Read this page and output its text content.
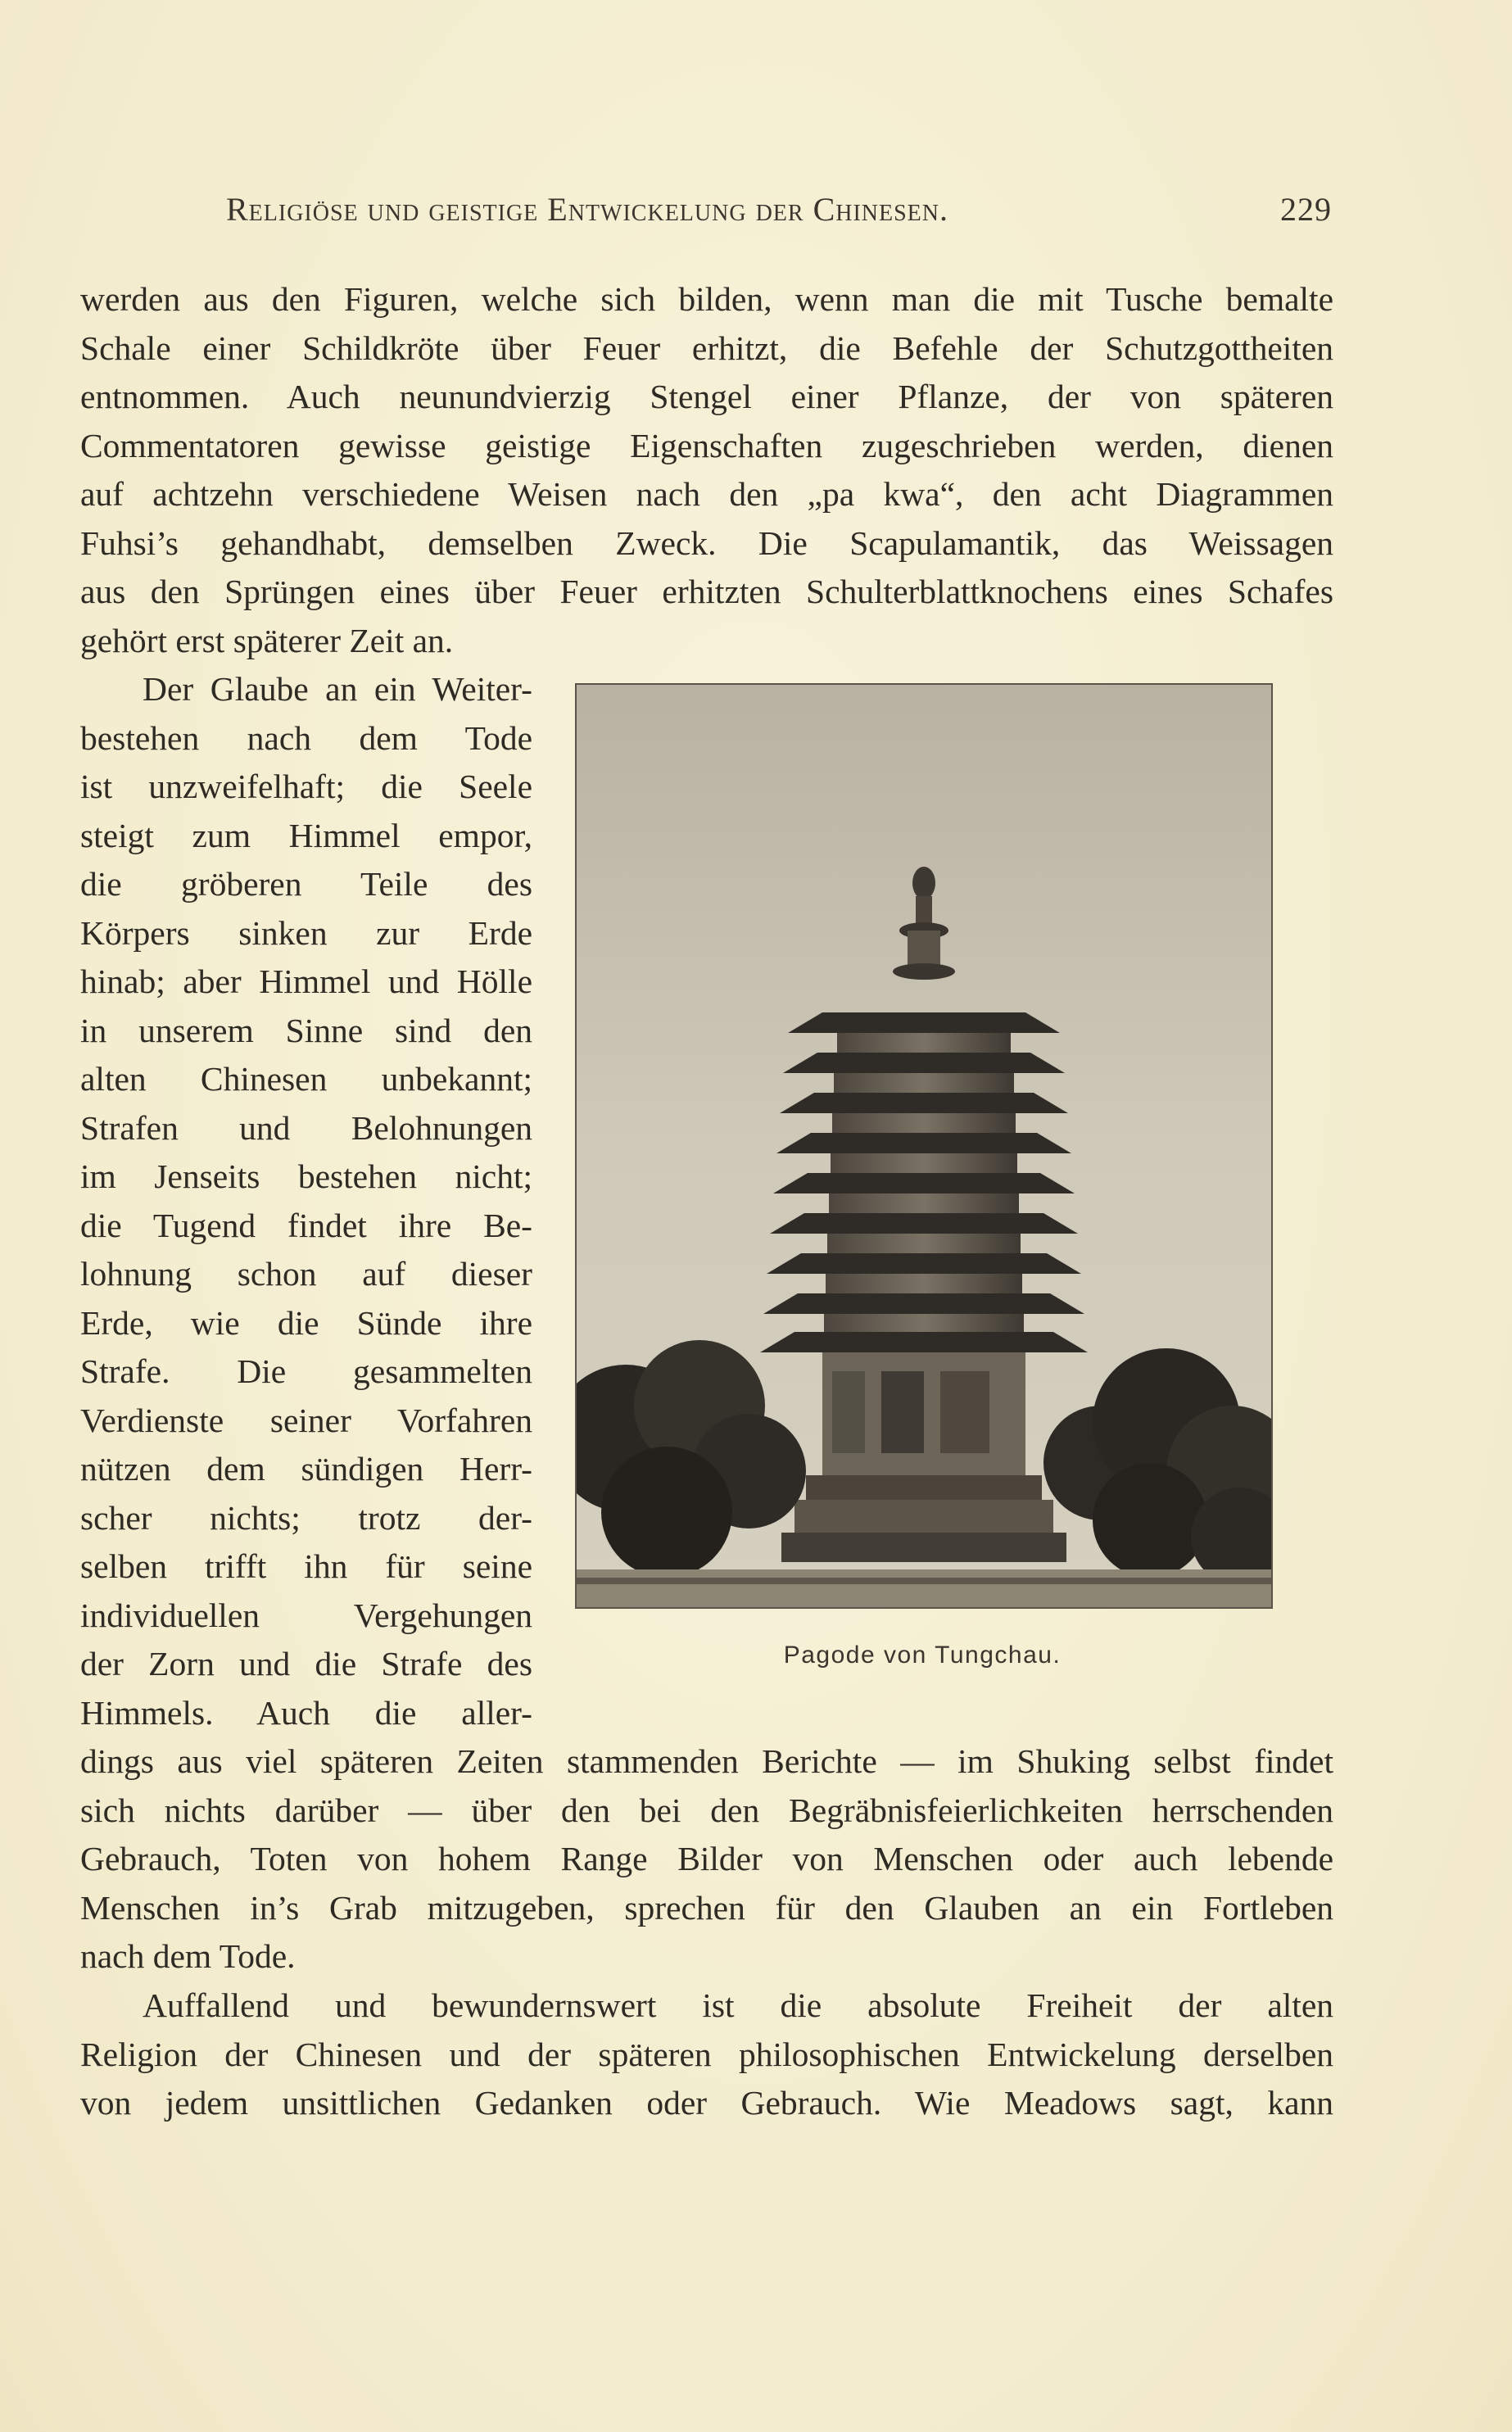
Religiöse und geistige Entwickelung der Chinesen.	229
werden aus den Figuren, welche sich bilden, wenn man die mit Tusche bemalte
Schale einer Schildkröte über Feuer erhitzt, die Befehle der Schutzgottheiten
entnommen. Auch neunundvierzig Stengel einer Pflanze, der von späteren
Commentatoren gewisse geistige Eigenschaften zugeschrieben werden, dienen
auf achtzehn verschiedene Weisen nach den „pa kwa“, den acht Diagrammen
Fuhsi’s gehandhabt, demselben Zweck. Die Scapulamantik, das Weissagen
aus den Sprüngen eines über Feuer erhitzten Schulterblattknochens eines Schafes
gehört erst späterer Zeit an.
Der Glaube an ein Weiter-
bestehen nach dem Tode
ist unzweifelhaft; die Seele
steigt zum Himmel empor,
die gröberen Teile des
Körpers sinken zur Erde
hinab; aber Himmel und Hölle
in unserem Sinne sind den
alten Chinesen unbekannt;
Strafen und Belohnungen
im Jenseits bestehen nicht;
die Tugend findet ihre Be-
lohnung schon auf dieser
Erde, wie die Sünde ihre
Strafe. Die gesammelten
Verdienste seiner Vorfahren
nützen dem sündigen Herr-
scher nichts; trotz der-
selben trifft ihn für seine
individuellen Vergehungen
der Zorn und die Strafe des
Himmels. Auch die aller-
Pagode von Tungchau.
dings aus viel späteren Zeiten stammenden Berichte — im Shuking selbst findet
sich nichts darüber — über den bei den Begräbnisfeierlichkeiten herrschenden
Gebrauch, Toten von hohem Range Bilder von Menschen oder auch lebende
Menschen in’s Grab mitzugeben, sprechen für den Glauben an ein Fortleben
nach dem Tode.
Auffallend und bewundernswert ist die absolute Freiheit der alten
Religion der Chinesen und der späteren philosophischen Entwickelung derselben
von jedem unsittlichen Gedanken oder Gebrauch. Wie Meadows sagt, kann
